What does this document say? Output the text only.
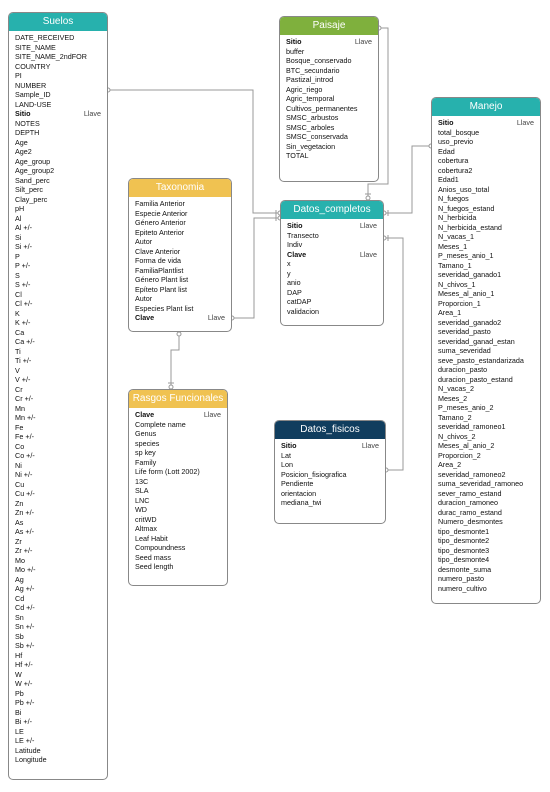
Suelos
DATE_RECEIVED
SITE_NAME
SITE_NAME_2ndFOR
COUNTRY
PI
NUMBER
Sample_ID
LAND-USE
Sitio	Llave
NOTES
DEPTH
Age
Age2
Age_group
Age_group2
Sand_perc
Silt_perc
Clay_perc
pH
Al
Al +/-
Si
Si +/-
P
P +/-
S
S +/-
Cl
Cl +/-
K
K +/-
Ca
Ca +/-
Ti
Ti +/-
V
V +/-
Cr
Cr +/-
Mn
Mn +/-
Fe
Fe +/-
Co
Co +/-
Ni
Ni +/-
Cu
Cu +/-
Zn
Zn +/-
As
As +/-
Zr
Zr +/-
Mo
Mo +/-
Ag
Ag +/-
Cd
Cd +/-
Sn
Sn +/-
Sb
Sb +/-
Hf
Hf +/-
W
W +/-
Pb
Pb +/-
Bi
Bi +/-
LE
LE +/-
Latitude
Longitude
Paisaje
Sitio	Llave
buffer
Bosque_conservado
BTC_secundario
Pastizal_introd
Agric_riego
Agric_temporal
Cultivos_permanentes
SMSC_arbustos
SMSC_arboles
SMSC_conservada
Sin_vegetacion
TOTAL
Taxonomia
Familia Anterior
Especie Anterior
Género Anterior
Epiteto Anterior
Autor
Clave Anterior
Forma de vida
FamiliaPlantlist
Género Plant list
Epíteto Plant list
Autor
Especies Plant list
Clave	Llave
Datos_completos
Sitio	Llave
Transecto
Indiv
Clave	Llave
x
y
anio
DAP
catDAP
validacion
Manejo
Sitio	Llave
total_bosque
uso_previo
Edad
cobertura
cobertura2
Edad1
Anios_uso_total
N_fuegos
N_fuegos_estand
N_herbicida
N_herbicida_estand
N_vacas_1
Meses_1
P_meses_anio_1
Tamano_1
severidad_ganado1
N_chivos_1
Meses_al_anio_1
Proporcion_1
Area_1
severidad_ganado2
severidad_pasto
severidad_ganad_estan
suma_severidad
seve_pasto_estandarizada
duracion_pasto
duracion_pasto_estand
N_vacas_2
Meses_2
P_meses_anio_2
Tamano_2
severidad_ramoneo1
N_chivos_2
Meses_al_anio_2
Proporcion_2
Area_2
severidad_ramoneo2
suma_severidad_ramoneo
sever_ramo_estand
duracion_ramoneo
durac_ramo_estand
Numero_desmontes
tipo_desmonte1
tipo_desmonte2
tipo_desmonte3
tipo_desmonte4
desmonte_suma
numero_pasto
numero_cultivo
Rasgos Funcionales
Clave	Llave
Complete name
Genus
species
sp key
Family
Life form (Lott 2002)
13C
SLA
LNC
WD
critWD
Altmax
Leaf Habit
Compoundness
Seed mass
Seed length
Datos_fisicos
Sitio	Llave
Lat
Lon
Posicion_fisiografica
Pendiente
orientacion
mediana_twi
